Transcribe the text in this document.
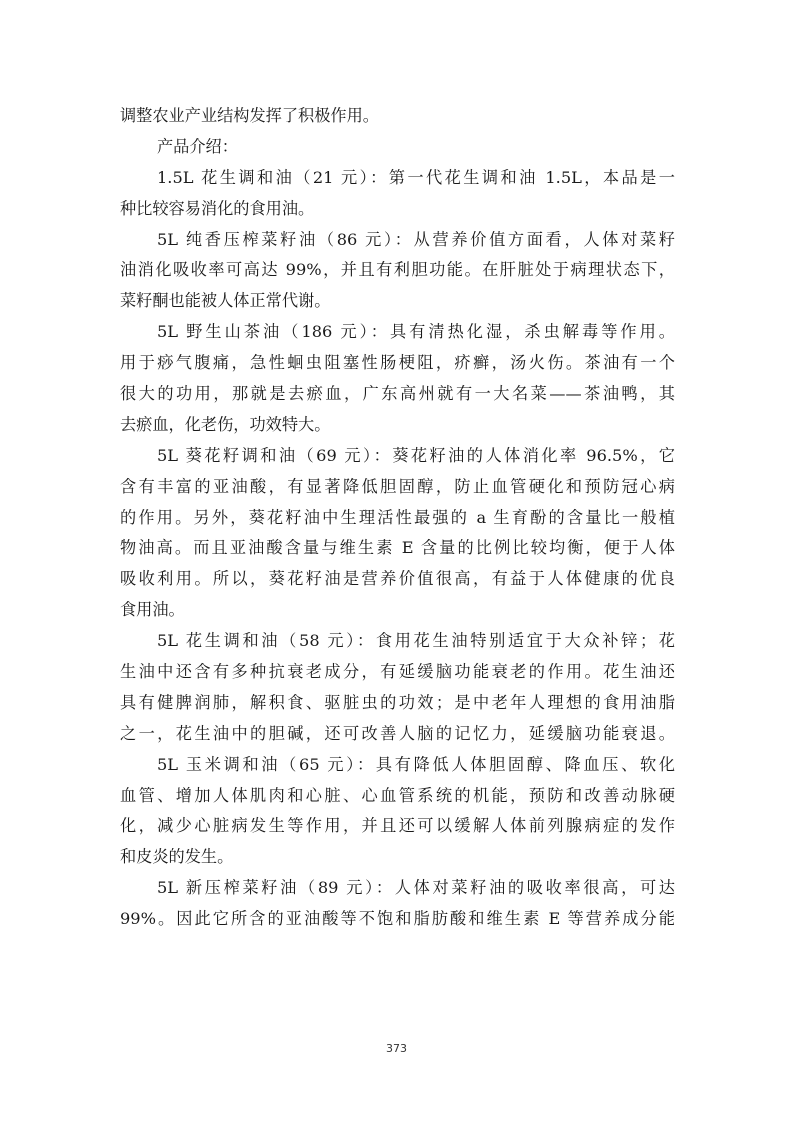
调整农业产业结构发挥了积极作用。
产品介绍：
1.5L 花生调和油（21 元）：第一代花生调和油 1.5L，本品是一
种比较容易消化的食用油。
5L 纯香压榨菜籽油（86 元）：从营养价值方面看，人体对菜籽
油消化吸收率可高达 99%，并且有利胆功能。在肝脏处于病理状态下，
菜籽酮也能被人体正常代谢。
5L 野生山茶油（186 元）：具有清热化湿，杀虫解毒等作用。
用于痧气腹痛，急性蛔虫阻塞性肠梗阻，疥癣，汤火伤。茶油有一个
很大的功用，那就是去瘀血，广东高州就有一大名菜——茶油鸭，其
去瘀血，化老伤，功效特大。
5L 葵花籽调和油（69 元）：葵花籽油的人体消化率 96.5%，它
含有丰富的亚油酸，有显著降低胆固醇，防止血管硬化和预防冠心病
的作用。另外，葵花籽油中生理活性最强的 a 生育酚的含量比一般植
物油高。而且亚油酸含量与维生素 E 含量的比例比较均衡，便于人体
吸收利用。所以，葵花籽油是营养价值很高，有益于人体健康的优良
食用油。
5L 花生调和油（58 元）：食用花生油特别适宜于大众补锌；花
生油中还含有多种抗衰老成分，有延缓脑功能衰老的作用。花生油还
具有健脾润肺，解积食、驱脏虫的功效；是中老年人理想的食用油脂
之一，花生油中的胆碱，还可改善人脑的记忆力，延缓脑功能衰退。
5L 玉米调和油（65 元）：具有降低人体胆固醇、降血压、软化
血管、增加人体肌肉和心脏、心血管系统的机能，预防和改善动脉硬
化，减少心脏病发生等作用，并且还可以缓解人体前列腺病症的发作
和皮炎的发生。
5L 新压榨菜籽油（89 元）：人体对菜籽油的吸收率很高，可达
99%。因此它所含的亚油酸等不饱和脂肪酸和维生素 E 等营养成分能
373
